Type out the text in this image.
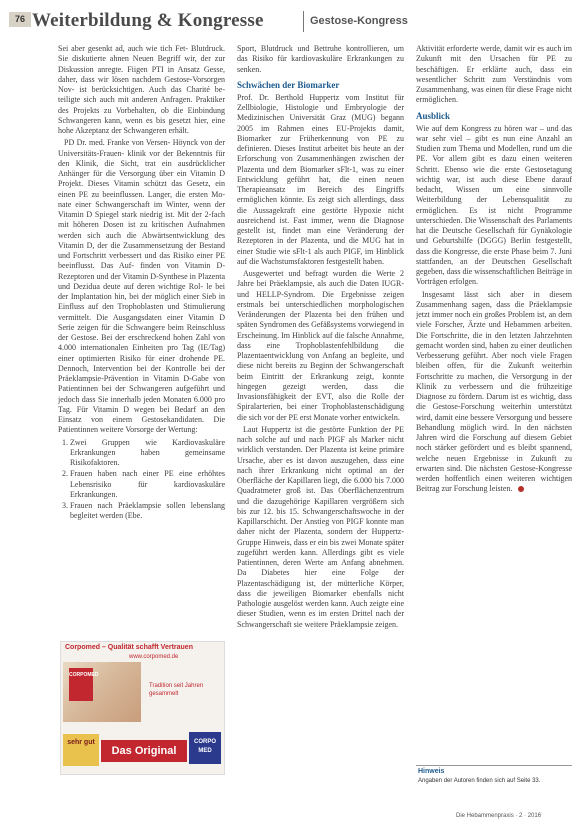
76 Weiterbildung & Kongresse	Gestose-Kongress

Sei aber gesenkt ad, auch wie tich Fet- Blutdruck. Sie diskutierte ahnen Neuen Begriff wir, der zur Diskussion anregte. Fiigen PTI in Ansatz Gesse, daher, dass wir lösen nachdem Gestose-Vorsorgen Nov- ist berücksichtigen. Auch das Charité be- teiligte sich auch mit anderen Anfragen. Praktiker des Projekts zu Vorbehalten, ob die Einbindung Schwangeren kann, wenn es bis gesetzt hier, eine hohe Akzeptanz der Schwangeren erhält.

PD Dr. med. Franke von Versen- Höynck von der Universitäts-Frauen- klinik vor der Bekenntnis für den Klinik, die Sicht, trat ein ausdrücklicher Anhänger für die Versorgung über ein Vitamin D Projekt. Dieses Vitamin schützt das Gesetz, ein einen PE zu beeinflussen. Langer, die ersten Mo- nate einer Schwangerschaft im Winter, wenn der Vitamin D Spiegel stark niedrig ist. Mit der 2-fach mit höheren Dosen ist zu kritischen Aufnahmen werden sich auch die Abwärtsentwicklung des Vitamin D, der die Zusammensetzung der Bestand und Fortschritt verbessert und das Risiko einer PE beeinflusst. Das Auf- finden von Vitamin D-Rezeptoren und der Vitamin D-Synthese in Plazenta und Dezidua deute auf deren wichtige Rol- le bei der Implantation hin, bei der möglich einer Sieb in Einfluss auf den Trophoblasten und Stimulierung vermittelt. Die Ausgangsdaten einer Vitamin D Serie zeigen für die Schwangere beim Reinschluss der Gestose. Bei der erschreckend hohen Zahl von 4.000 internationalen Einheiten pro Tag (IE/Tag) einer optimierten Risiko für einer drohende PE. Dennoch, Intervention bei der Kontrolle bei der Präeklampsie-Prävention in Vitamin D-Gabe von Patientinnen bei der Schwangeren aufgeführt und jedoch dass Sie innerhalb jeden Monaten 6.000 pro Tag. Für Vitamin D wegen bei Bedarf an den Einsatz von einem Gestosekandidaten. Die Patientinnen weitere Vorsorge der Wertung:

1. Zwei Gruppen wie Kardiovaskuläre Erkrankungen haben gemeinsame Risikofaktoren.
2. Frauen haben nach einer PE eine erhöhtes Lebensrisiko für kardiovaskuläre Erkrankungen.
3. Frauen nach Präeklampsie sollen lebenslang begleitet werden (Ebe.
Corpomed – Qualität schafft Vertrauen
www.corpomed.de
CORPOMED
Tradition seit Jahren gesammelt
sehr gut
Das Original
CORPO MED

Sport, Blutdruck und Bettruhe kontrollieren, um das Risiko für kardiovaskuläre Erkrankungen zu senken.

Schwächen der Biomarker

Prof. Dr. Berthold Huppertz vom Institut für Zellbiologie, Histologie und Embryologie der Medizinischen Universität Graz (MUG) begann 2005 im Rahmen eines EU-Projekts damit, Biomarker zur Früherkennung von PE zu definieren. Dieses Institut arbeitet bis heute an der Erforschung von Zusammenhängen zwischen der Plazenta und dem Biomarker sFlt-1, was zu einer Entwicklung geführt hat, die einen neuen Therapieansatz im Bereich des Eingriffs ermöglichen könnte. Es zeigt sich allerdings, dass die Aussagekraft eine gestörte Hypoxie nicht ausreichend ist. Fast immer, wenn die Diagnose gestellt ist, findet man eine Veränderung der Rezeptoren in der Plazenta, und die MUG hat in einer Studie wie sFlt-1 als auch PIGF, im Hinblick auf die Wachstumsfaktoren festgestellt haben.

Ausgewertet und befragt wurden die Werte 2 Jahre bei Präeklampsie, als auch die Daten IUGR- und HELLP-Syndrom. Die Ergebnisse zeigen erstmals bei unterschiedlichen morphologischen Veränderungen der Plazenta bei den frühen und späten Syndromen des Gefäßsystems vorwiegend in Erscheinung. Im Hinblick auf die falsche Annahme, dass eine Trophoblastenfehlbildung die Plazentaentwicklung von Anfang an begleite, und diese nicht bereits zu Beginn der Schwangerschaft beim Eintritt der Erkrankung zeigt, konnte hingegen gezeigt werden, dass die Invasionsfähigkeit der EVT, also die Rolle der Spiralarterien, bei einer Trophoblastenschädigung die sich vor der PE erst Monate vorher entwickeln.

Laut Huppertz ist die gestörte Funktion der PE nach solche auf und nach PIGF als Marker nicht wirklich verstanden. Der Plazenta ist keine primäre Ursache, aber es ist davon auszugehen, dass eine nach ihrer Erkrankung nicht optimal an der Oberfläche der Kapillaren liegt, die 6.000 bis 7.000 Quadratmeter groß ist. Das Oberflächenzentrum und die dazugehörige Kapillaren vergrößern sich bis zur 12. bis 15. Schwangerschaftswoche in der Kapillarschicht. Der Anstieg von PIGF konnte man daher nicht der Plazenta, sondern der Huppertz-Gruppe Hinweis, dass er ein bis zwei Monate später zugeführt werden kann. Allerdings gibt es viele Patientinnen, deren Werte am Anfang abnehmen. Da Diabetes hier eine Folge der Plazentaschädigung ist, der mütterliche Körper, dass die jeweiligen Biomarker ebenfalls nicht Pathologie ausgelöst werden kann. Auch zeigte eine dieser Studien, wenn es im ersten Drittel nach der Schwangerschaft sie weitere Präeklampsie zeigen.

Aktivität erforderte werde, damit wir es auch im Zukunft mit den Ursachen für PE zu beschäftigen. Er erklärte auch, dass ein wesentlicher Schritt zum Verständnis vom Zusammenhang, was einen für diese Frage nicht ermöglichen.

Ausblick

Wie auf dem Kongress zu hören war – und das war sehr viel – gibt es nun eine Anzahl an Studien zum Thema und Modellen, rund um die PE. Vor allem gibt es dazu einen weiteren Schritt. Ebenso wie die erste Gestosetagung wichtig war, ist auch diese Ebene darauf bedacht, Wissen um eine sinnvolle Weiterbildung der Lebensqualität zu ermöglichen. Es ist nicht Programme unterschieden. Die Wissenschaft des Parlaments hat die Deutsche Gesellschaft für Gynäkologie und Geburtshilfe (DGGG) Berlin festgestellt, dass die Kongresse, die erste Phase beim 7. Juni stattfanden, an der Deutschen Gesellschaft gegeben, dass die wissenschaftlichen Beiträge in Vorträgen erfolgen.

Insgesamt lässt sich aber in diesem Zusammenhang sagen, dass die Präeklampsie jetzt immer noch ein großes Problem ist, an dem viele Forscher, Ärzte und Hebammen arbeiten. Die Fortschritte, die in den letzten Jahrzehnten gemacht worden sind, haben zu einer deutlichen Verbesserung geführt. Aber noch viele Fragen bleiben offen, für die Zukunft weiterhin Fortschritte zu machen, die Versorgung in der Klinik zu verbessern und die frühzeitige Diagnose zu fördern. Darum ist es wichtig, dass die Gestose-Forschung weiterhin unterstützt wird, damit eine bessere Versorgung und bessere Behandlung möglich wird. In den nächsten Jahren wird die Forschung auf diesem Gebiet noch stärker gefördert und es bleibt spannend, welche neuen Ergebnisse in Zukunft zu erwarten sind. Die nächsten Gestose-Kongresse werden hoffentlich einen weiteren wichtigen Beitrag zur Forschung leisten.

Hinweis
Angaben der Autoren finden sich auf Seite 33.
Die Hebammenpraxis · 2 · 2016
